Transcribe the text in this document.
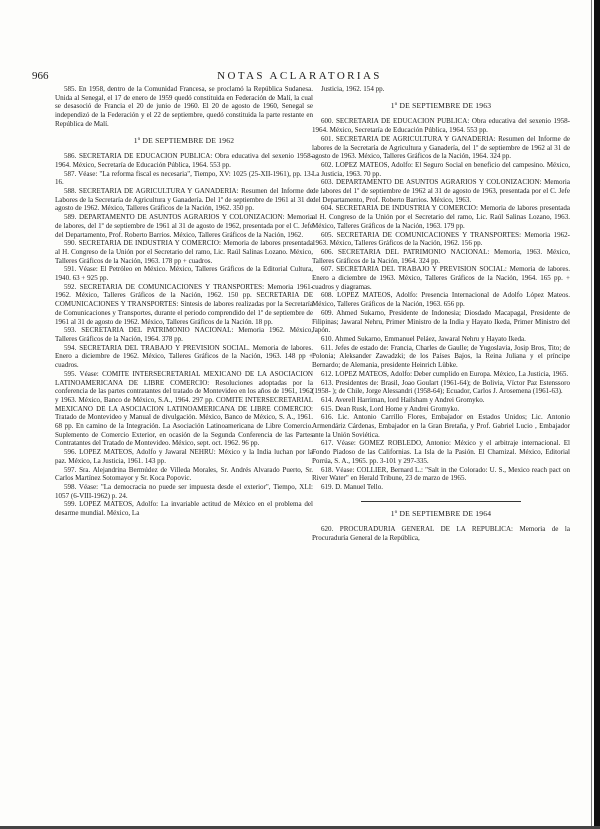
966	NOTAS ACLARATORIAS

585. En 1958, dentro de la Comunidad Francesa, se proclamó la República Sudanesa. Unida al Senegal, el 17 de enero de 1959 quedó constituida en Federación de Malí, la cual se desasoció de Francia el 20 de junio de 1960. El 20 de agosto de 1960, Senegal se independizó de la Federación y el 22 de septiembre, quedó constituida la parte restante en República de Malí.

1º DE SEPTIEMBRE DE 1962

586. SECRETARIA DE EDUCACION PUBLICA: Obra educativa del sexenio 1958-1964. México, Secretaría de Educación Pública, 1964. 553 pp.

587. Véase: "La reforma fiscal es necesaria", Tiempo, XV: 1025 (25-XII-1961), pp. 13-16.

588. SECRETARIA DE AGRICULTURA Y GANADERIA: Resumen del Informe de Labores de la Secretaría de Agricultura y Ganadería. Del 1º de septiembre de 1961 al 31 de agosto de 1962. México, Talleres Gráficos de la Nación, 1962. 350 pp.

589. DEPARTAMENTO DE ASUNTOS AGRARIOS Y COLONIZACION: Memoria de labores, del 1º de septiembre de 1961 al 31 de agosto de 1962, presentada por el C. Jefe del Departamento, Prof. Roberto Barrios. México, Talleres Gráficos de la Nación, 1962.

590. SECRETARIA DE INDUSTRIA Y COMERCIO: Memoria de labores presentada al H. Congreso de la Unión por el Secretario del ramo, Lic. Raúl Salinas Lozano. México, Talleres Gráficos de la Nación, 1963. 178 pp + cuadros.

591. Véase: El Petróleo en México. México, Talleres Gráficos de la Editorial Cultura, 1940. 63 + 925 pp.

592. SECRETARIA DE COMUNICACIONES Y TRANSPORTES: Memoria 1961-1962. México, Talleres Gráficos de la Nación, 1962. 150 pp. SECRETARIA DE COMUNICACIONES Y TRANSPORTES: Síntesis de labores realizadas por la Secretaría de Comunicaciones y Transportes, durante el periodo comprendido del 1º de septiembre de 1961 al 31 de agosto de 1962. México, Talleres Gráficos de la Nación. 18 pp.

593. SECRETARIA DEL PATRIMONIO NACIONAL: Memoria 1962. México, Talleres Gráficos de la Nación, 1964. 378 pp.

594. SECRETARIA DEL TRABAJO Y PREVISION SOCIAL. Memoria de labores. Enero a diciembre de 1962. México, Talleres Gráficos de la Nación, 1963. 148 pp + cuadros.

595. Véase: COMITE INTERSECRETARIAL MEXICANO DE LA ASOCIACION LATINOAMERICANA DE LIBRE COMERCIO: Resoluciones adoptadas por la conferencia de las partes contratantes del tratado de Montevideo en los años de 1961, 1962 y 1963. México, Banco de México, S.A., 1964. 297 pp. COMITE INTERSECRETARIAL MEXICANO DE LA ASOCIACION LATINOAMERICANA DE LIBRE COMERCIO: Tratado de Montevideo y Manual de divulgación. México, Banco de México, S. A., 1961. 68 pp. En camino de la Integración. La Asociación Latinoamericana de Libre Comercio. Suplemento de Comercio Exterior, en ocasión de la Segunda Conferencia de las Partes Contratantes del Tratado de Montevideo. México, sept. oct. 1962. 96 pp.

596. LOPEZ MATEOS, Adolfo y Jawaral NEHRU: México y la India luchan por la paz. México, La Justicia, 1961. 143 pp.

597. Sra. Alejandrina Bermúdez de Villeda Morales, Sr. Andrés Alvarado Puerto, Sr. Carlos Martínez Sotomayor y Sr. Koca Popovic.

598. Véase: "La democracia no puede ser impuesta desde el exterior", Tiempo, XLI: 1057 (6-VIII-1962) p. 24.

599. LOPEZ MATEOS, Adolfo: La invariable actitud de México en el problema del desarme mundial. México, La

Justicia, 1962. 154 pp.

1º DE SEPTIEMBRE DE 1963

600. SECRETARIA DE EDUCACION PUBLICA: Obra educativa del sexenio 1958-1964. México, Secretaría de Educación Pública, 1964. 553 pp.

601. SECRETARIA DE AGRICULTURA Y GANADERIA: Resumen del Informe de labores de la Secretaría de Agricultura y Ganadería, del 1º de septiembre de 1962 al 31 de agosto de 1963. México, Talleres Gráficos de la Nación, 1964. 324 pp.

602. LOPEZ MATEOS, Adolfo: El Seguro Social en beneficio del campesino. México, La Justicia, 1963. 70 pp.

603. DEPARTAMENTO DE ASUNTOS AGRARIOS Y COLONIZACION: Memoria de labores del 1º de septiembre de 1962 al 31 de agosto de 1963, presentada por el C. Jefe del Departamento, Prof. Roberto Barrios. México, 1963.

604. SECRETARIA DE INDUSTRIA Y COMERCIO: Memoria de labores presentada al H. Congreso de la Unión por el Secretario del ramo, Lic. Raúl Salinas Lozano, 1963. México, Talleres Gráficos de la Nación, 1963. 179 pp.

605. SECRETARIA DE COMUNICACIONES Y TRANSPORTES: Memoria 1962-1963. México, Talleres Gráficos de la Nación, 1962. 156 pp.

606. SECRETARIA DEL PATRIMONIO NACIONAL: Memoria, 1963. México, Talleres Gráficos de la Nación, 1964. 324 pp.

607. SECRETARIA DEL TRABAJO Y PREVISION SOCIAL: Memoria de labores. Enero a diciembre de 1963. México, Talleres Gráficos de la Nación, 1964. 165 pp. + cuadros y diagramas.

608. LOPEZ MATEOS, Adolfo: Presencia Internacional de Adolfo López Mateos. México, Talleres Gráficos de la Nación, 1963. 656 pp.

609. Ahmed Sukarno, Presidente de Indonesia; Diosdado Macapagal, Presidente de Filipinas; Jawaral Nehru, Primer Ministro de la India y Hayato Ikeda, Primer Ministro del Japón.

610. Ahmed Sukarno, Emmanuel Peláez, Jawaral Nehru y Hayato Ikeda.

611. Jefes de estado de: Francia, Charles de Gaulle; de Yugoslavia, Josip Bros, Tito; de Polonia; Aleksander Zawadzki; de los Países Bajos, la Reina Juliana y el príncipe Bernardo; de Alemania, presidente Heinrich Lübke.

612. LOPEZ MATEOS, Adolfo: Deber cumplido en Europa. México, La Justicia, 1965.

613. Presidentes de: Brasil, Joao Goulart (1961-64); de Bolivia, Víctor Paz Estenssoro (1958- ); de Chile, Jorge Alessandri (1958-64); Ecuador, Carlos J. Arosemena (1961-63).

614. Averell Harriman, lord Hailsham y Andrei Gromyko.

615. Dean Rusk, Lord Home y Andrei Gromyko.

616. Lic. Antonio Carrillo Flores, Embajador en Estados Unidos; Lic. Antonio Armendáriz Cárdenas, Embajador en la Gran Bretaña, y Prof. Gabriel Lucio , Embajador ante la Unión Soviética.

617. Véase: GOMEZ ROBLEDO, Antonio: México y el arbitraje internacional. El Fondo Piadoso de las Californias. La Isla de la Pasión. El Chamizal. México, Editorial Porrúa, S. A., 1965. pp. 3-101 y 297-335.

618. Véase: COLLIER, Bernard L.: "Salt in the Colorado: U. S., Mexico reach pact on River Water" en Herald Tribune, 23 de marzo de 1965.

619. D. Manuel Tello.

1º DE SEPTIEMBRE DE 1964

620. PROCURADURIA GENERAL DE LA REPUBLICA: Memoria de la Procuraduría General de la República,
